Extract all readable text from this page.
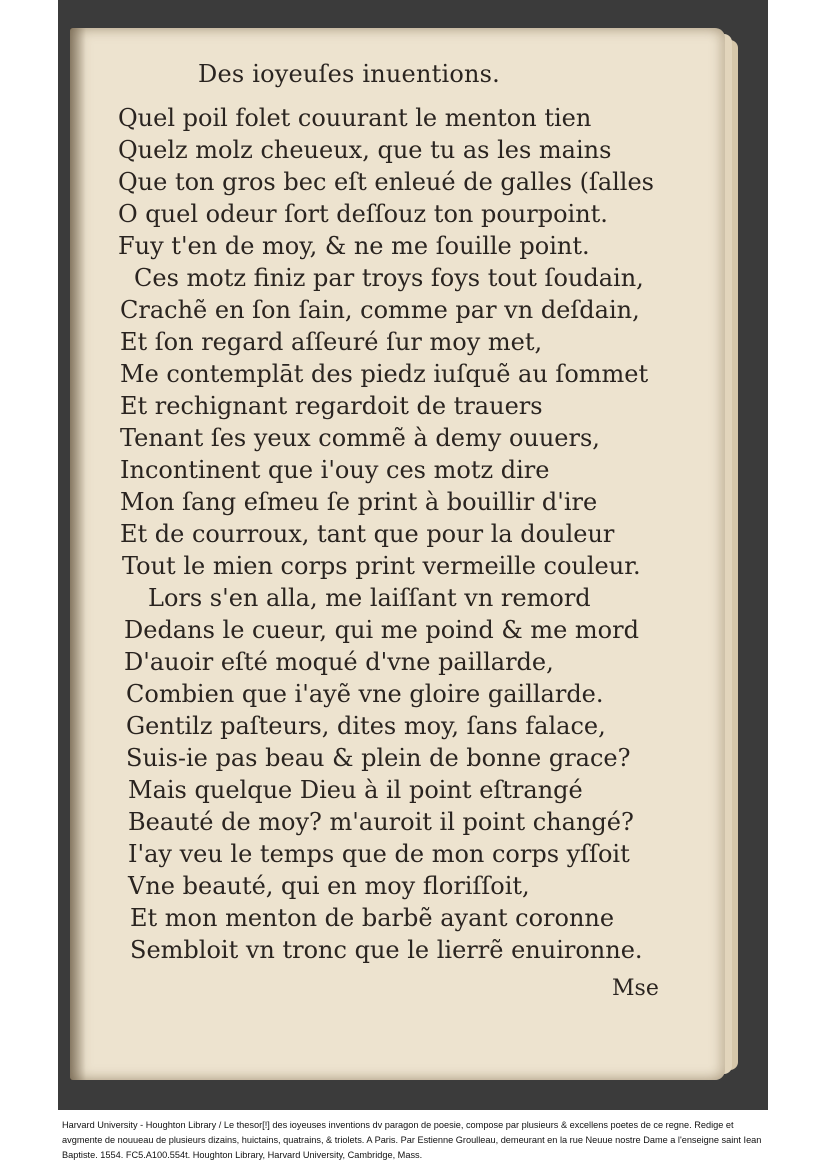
Des ioyeuſes inuentions.
Quel poil folet couurant le menton tien
Quelz molz cheueux, que tu as les mains
Que ton gros bec eſt enleué de galles (ſalles
O quel odeur ſort deſſouz ton pourpoint.
Fuy t'en de moy, & ne me ſouille point.
Ces motz finiz par troys foys tout ſoudain,
Crachẽ en ſon ſain, comme par vn deſdain,
Et ſon regard aſſeuré ſur moy met,
Me contemplāt des piedz iuſquẽ au ſommet
Et rechignant regardoit de trauers
Tenant ſes yeux commẽ à demy ouuers,
Incontinent que i'ouy ces motz dire
Mon ſang eſmeu ſe print à bouillir d'ire
Et de courroux, tant que pour la douleur
Tout le mien corps print vermeille couleur.
Lors s'en alla, me laiſſant vn remord
Dedans le cueur, qui me poind & me mord
D'auoir eſté moqué d'vne paillarde,
Combien que i'ayẽ vne gloire gaillarde.
Gentilz paſteurs, dites moy, ſans falace,
Suis-ie pas beau & plein de bonne grace?
Mais quelque Dieu à il point eſtrangé
Beauté de moy? m'auroit il point changé?
I'ay veu le temps que de mon corps yſſoit
Vne beauté, qui en moy floriſſoit,
Et mon menton de barbẽ ayant coronne
Sembloit vn tronc que le lierrẽ enuironne.
Mse
Harvard University - Houghton Library / Le thesor[!] des ioyeuses inventions dv paragon de poesie, compose par plusieurs & excellens poetes de ce regne. Redige et avgmente de nouueau de plusieurs dizains, huictains, quatrains, & triolets. A Paris. Par Estienne Groulleau, demeurant en la rue Neuue nostre Dame a l'enseigne saint Iean Baptiste. 1554. FC5.A100.554t. Houghton Library, Harvard University, Cambridge, Mass.
